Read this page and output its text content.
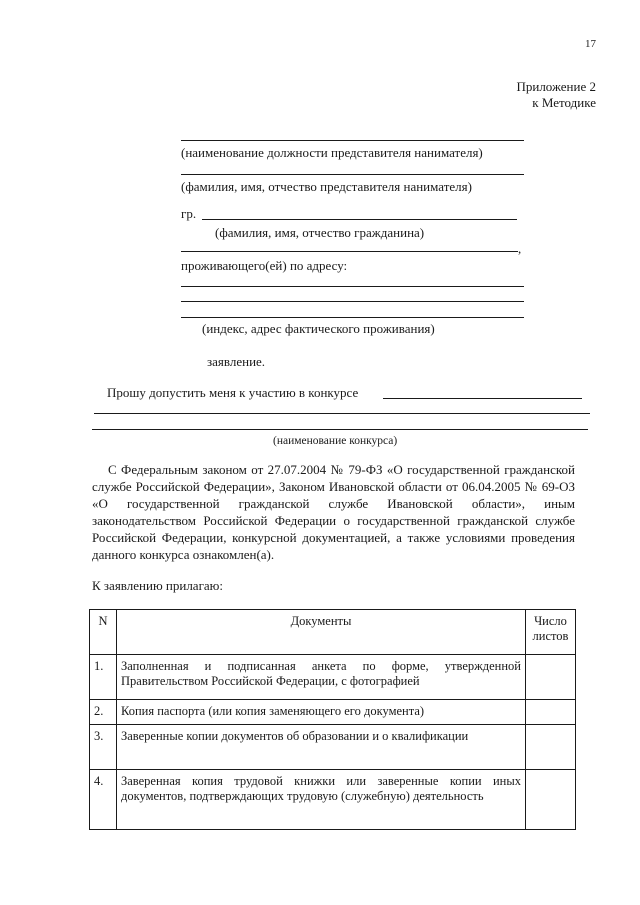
17
Приложение 2
к Методике
(наименование должности представителя нанимателя)
(фамилия, имя, отчество представителя нанимателя)
гр.
(фамилия, имя, отчество гражданина)
,
проживающего(ей) по адресу:
(индекс, адрес фактического проживания)
заявление.
Прошу допустить меня к участию в конкурсе
(наименование конкурса)

С Федеральным законом от 27.07.2004 № 79-ФЗ «О государственной гражданской службе Российской Федерации», Законом Ивановской области от 06.04.2005 № 69-ОЗ «О государственной гражданской службе Ивановской области», иным законодательством Российской Федерации о государственной гражданской службе Российской Федерации, конкурсной документацией, а также условиями проведения данного конкурса ознакомлен(а).

К заявлению прилагаю:
N	Документы	Число
листов

1.	Заполненная и подписанная анкета по форме, утвержденной Правительством Российской Федерации, с фотографией	
2.	Копия паспорта (или копия заменяющего его документа)	
3.	Заверенные копии документов об образовании и о квалификации	
4.	Заверенная копия трудовой книжки или заверенные копии иных документов, подтверждающих трудовую (служебную) деятельность	
